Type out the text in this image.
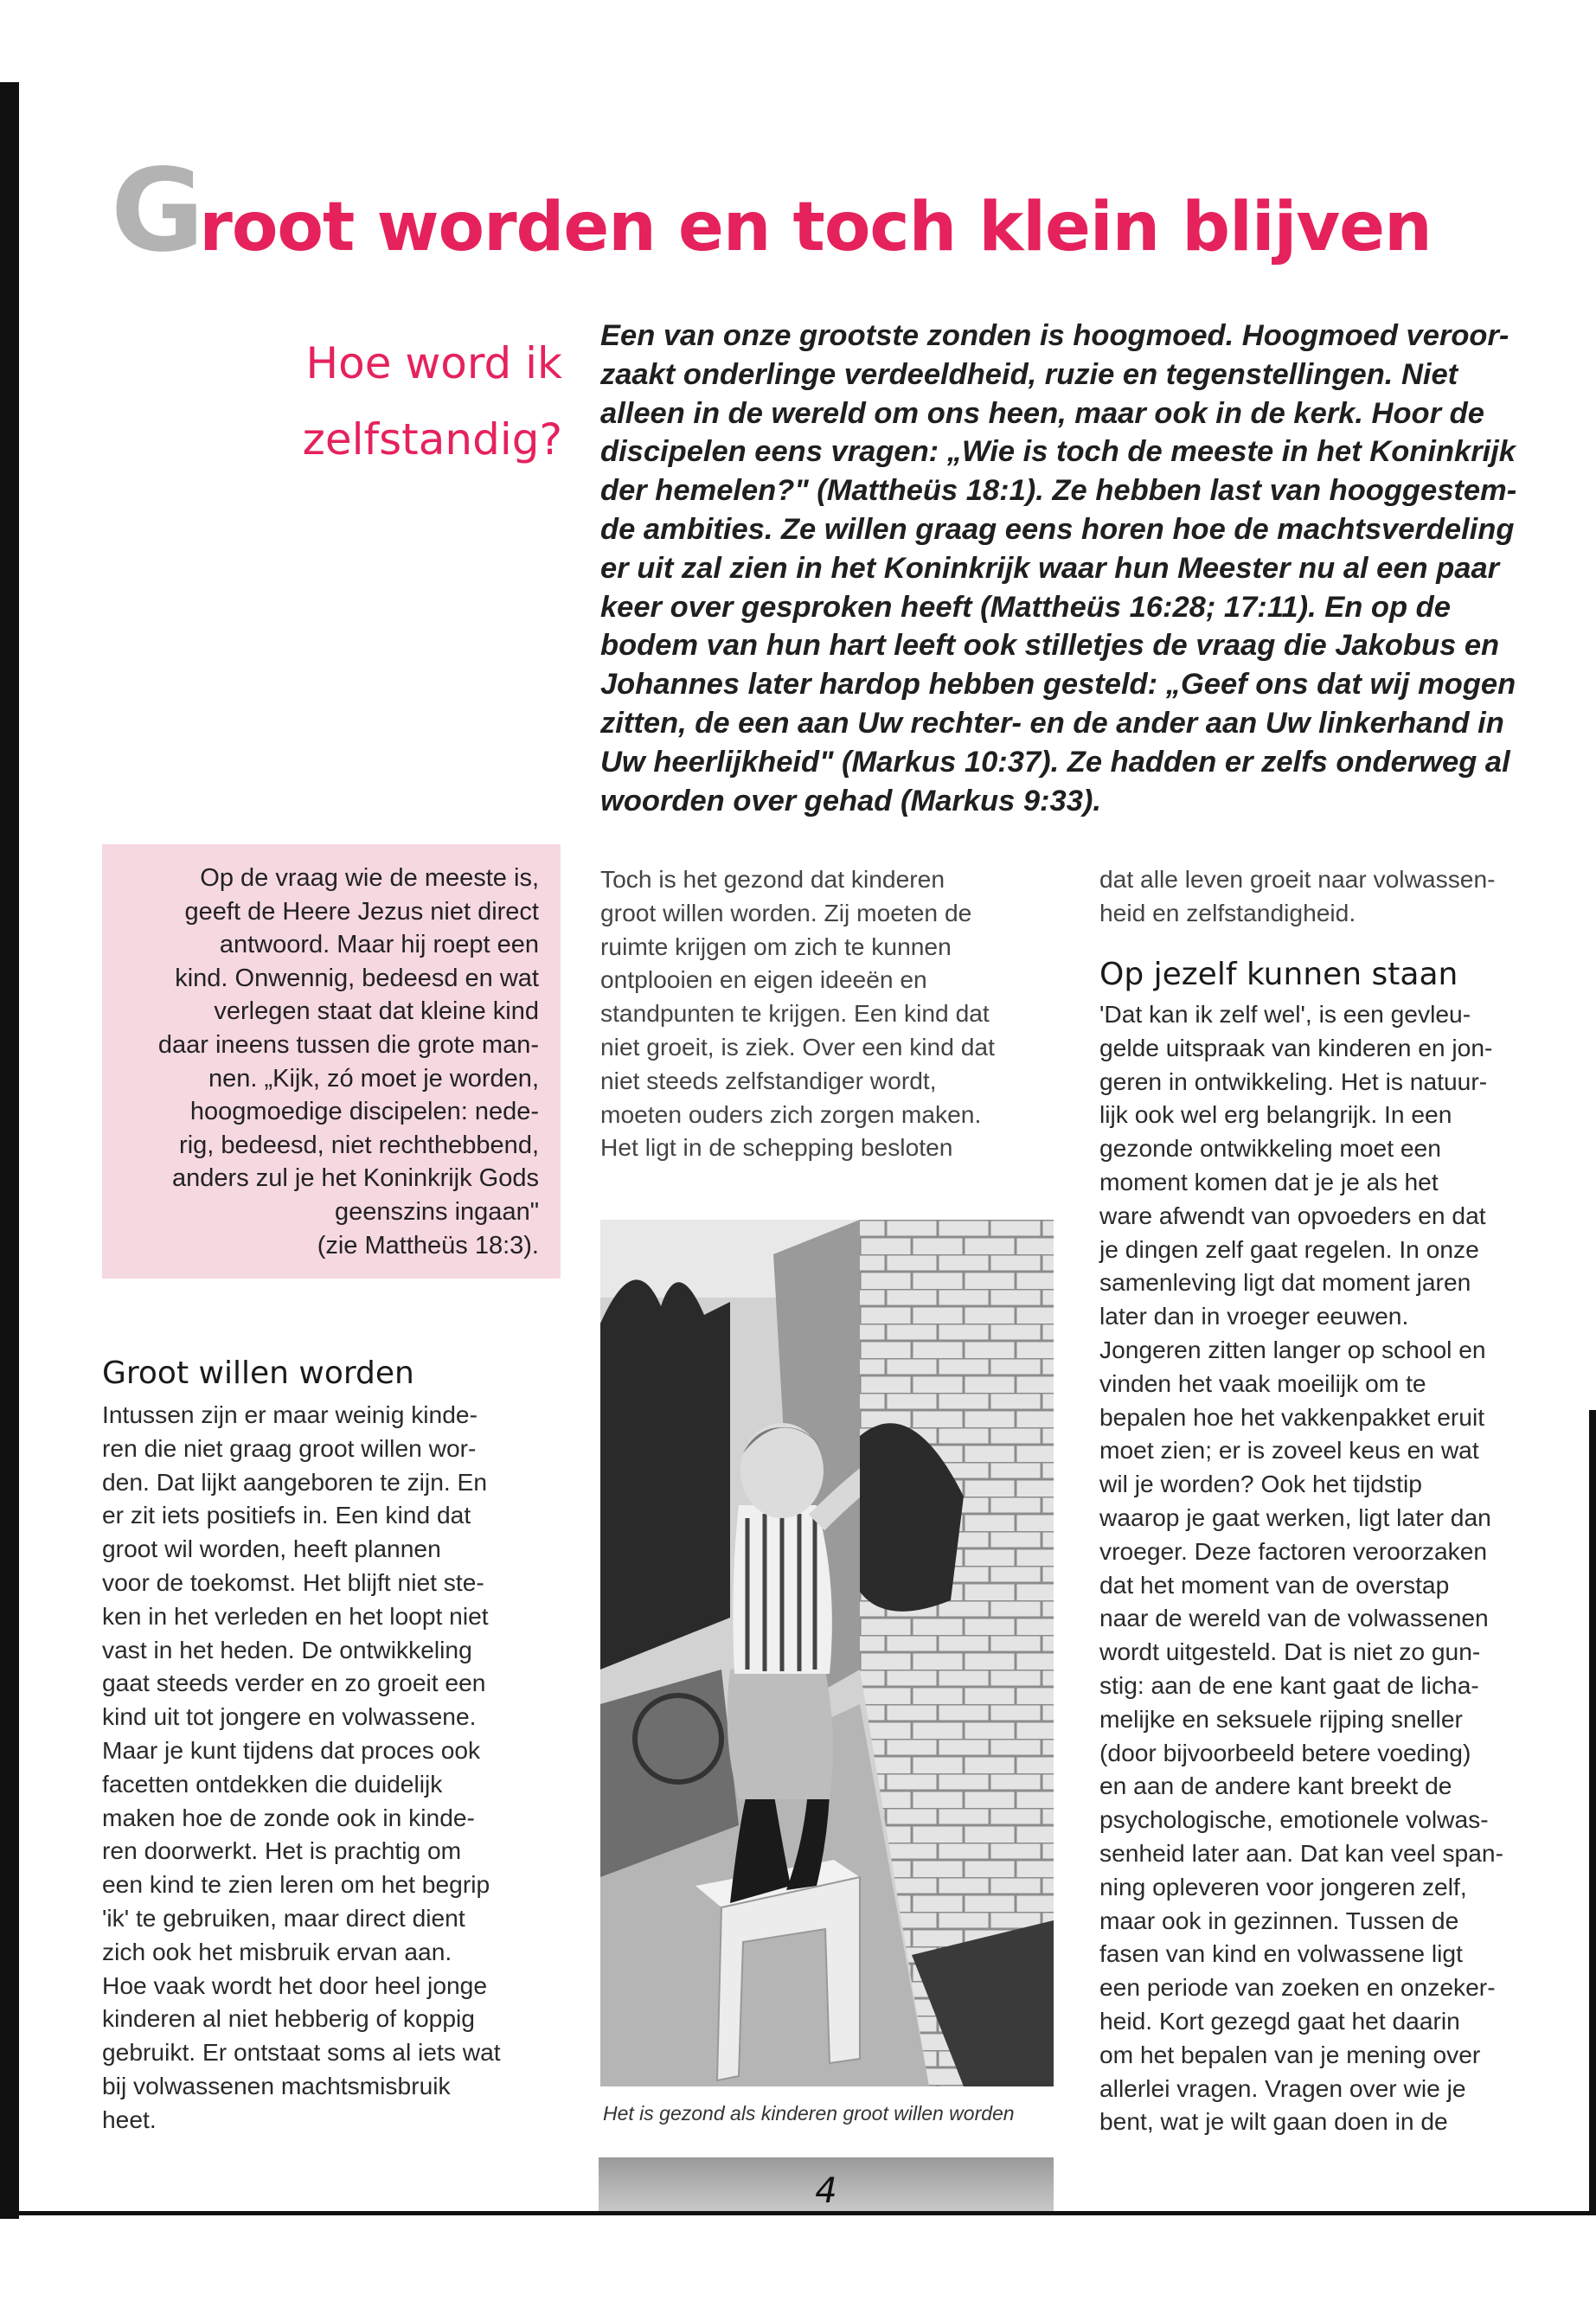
Groot worden en toch klein blijven
Hoe word ik
zelfstandig?
Een van onze grootste zonden is hoogmoed. Hoogmoed veroor-
zaakt onderlinge verdeeldheid, ruzie en tegenstellingen. Niet
alleen in de wereld om ons heen, maar ook in de kerk. Hoor de
discipelen eens vragen: „Wie is toch de meeste in het Koninkrijk
der hemelen?" (Mattheüs 18:1). Ze hebben last van hooggestem-
de ambities. Ze willen graag eens horen hoe de machtsverdeling
er uit zal zien in het Koninkrijk waar hun Meester nu al een paar
keer over gesproken heeft (Mattheüs 16:28; 17:11). En op de
bodem van hun hart leeft ook stilletjes de vraag die Jakobus en
Johannes later hardop hebben gesteld: „Geef ons dat wij mogen
zitten, de een aan Uw rechter- en de ander aan Uw linkerhand in
Uw heerlijkheid" (Markus 10:37). Ze hadden er zelfs onderweg al
woorden over gehad (Markus 9:33).
Op de vraag wie de meeste is,
geeft de Heere Jezus niet direct
antwoord. Maar hij roept een
kind. Onwennig, bedeesd en wat
verlegen staat dat kleine kind
daar ineens tussen die grote man-
nen. „Kijk, zó moet je worden,
hoogmoedige discipelen: nede-
rig, bedeesd, niet rechthebbend,
anders zul je het Koninkrijk Gods
geenszins ingaan"
(zie Mattheüs 18:3).
Groot willen worden
Intussen zijn er maar weinig kinde-
ren die niet graag groot willen wor-
den. Dat lijkt aangeboren te zijn. En
er zit iets positiefs in. Een kind dat
groot wil worden, heeft plannen
voor de toekomst. Het blijft niet ste-
ken in het verleden en het loopt niet
vast in het heden. De ontwikkeling
gaat steeds verder en zo groeit een
kind uit tot jongere en volwassene.
Maar je kunt tijdens dat proces ook
facetten ontdekken die duidelijk
maken hoe de zonde ook in kinde-
ren doorwerkt. Het is prachtig om
een kind te zien leren om het begrip
'ik' te gebruiken, maar direct dient
zich ook het misbruik ervan aan.
Hoe vaak wordt het door heel jonge
kinderen al niet hebberig of koppig
gebruikt. Er ontstaat soms al iets wat
bij volwassenen machtsmisbruik
heet.
Toch is het gezond dat kinderen
groot willen worden. Zij moeten de
ruimte krijgen om zich te kunnen
ontplooien en eigen ideeën en
standpunten te krijgen. Een kind dat
niet groeit, is ziek. Over een kind dat
niet steeds zelfstandiger wordt,
moeten ouders zich zorgen maken.
Het ligt in de schepping besloten
Het is gezond als kinderen groot willen worden
dat alle leven groeit naar volwassen-
heid en zelfstandigheid.
Op jezelf kunnen staan
'Dat kan ik zelf wel', is een gevleu-
gelde uitspraak van kinderen en jon-
geren in ontwikkeling. Het is natuur-
lijk ook wel erg belangrijk. In een
gezonde ontwikkeling moet een
moment komen dat je je als het
ware afwendt van opvoeders en dat
je dingen zelf gaat regelen. In onze
samenleving ligt dat moment jaren
later dan in vroeger eeuwen.
Jongeren zitten langer op school en
vinden het vaak moeilijk om te
bepalen hoe het vakkenpakket eruit
moet zien; er is zoveel keus en wat
wil je worden? Ook het tijdstip
waarop je gaat werken, ligt later dan
vroeger. Deze factoren veroorzaken
dat het moment van de overstap
naar de wereld van de volwassenen
wordt uitgesteld. Dat is niet zo gun-
stig: aan de ene kant gaat de licha-
melijke en seksuele rijping sneller
(door bijvoorbeeld betere voeding)
en aan de andere kant breekt de
psychologische, emotionele volwas-
senheid later aan. Dat kan veel span-
ning opleveren voor jongeren zelf,
maar ook in gezinnen. Tussen de
fasen van kind en volwassene ligt
een periode van zoeken en onzeker-
heid. Kort gezegd gaat het daarin
om het bepalen van je mening over
allerlei vragen. Vragen over wie je
bent, wat je wilt gaan doen in de
4
